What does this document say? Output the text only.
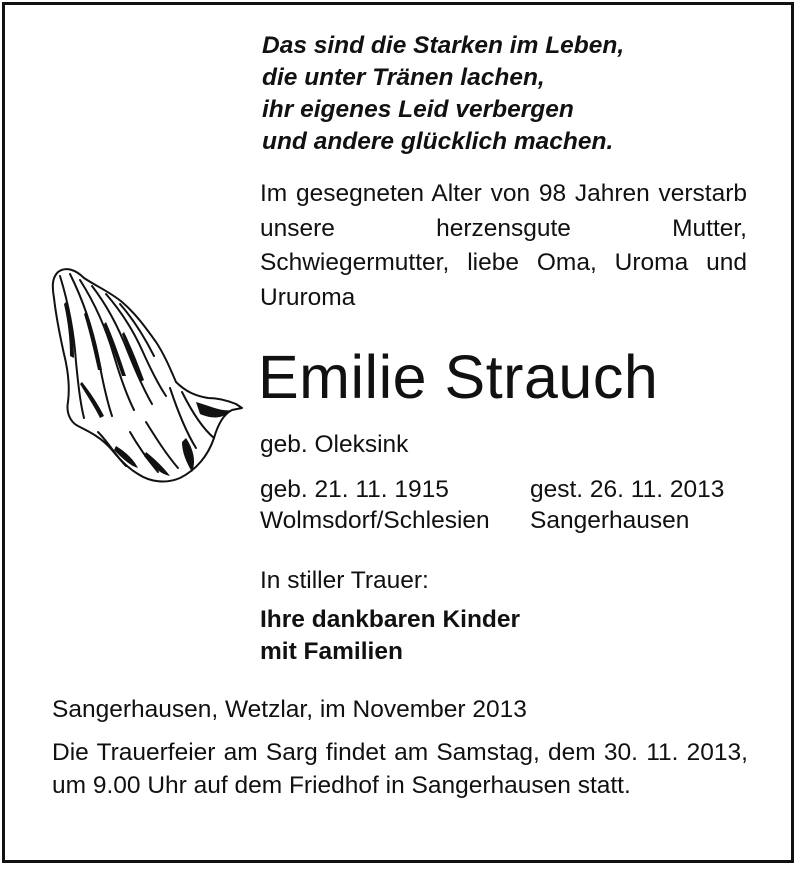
Das sind die Starken im Leben,
die unter Tränen lachen,
ihr eigenes Leid verbergen
und andere glücklich machen.
Im gesegneten Alter von 98 Jahren verstarb unsere herzensgute Mutter, Schwiegermutter, liebe Oma, Uroma und Ururoma
Emilie Strauch
geb. Oleksink
geb. 21. 11. 1915
Wolmsdorf/Schlesien
gest. 26. 11. 2013
Sangerhausen
In stiller Trauer:
Ihre dankbaren Kinder
mit Familien
Sangerhausen, Wetzlar, im November 2013
Die Trauerfeier am Sarg findet am Samstag, dem 30. 11. 2013, um 9.00 Uhr auf dem Friedhof in Sangerhausen statt.
